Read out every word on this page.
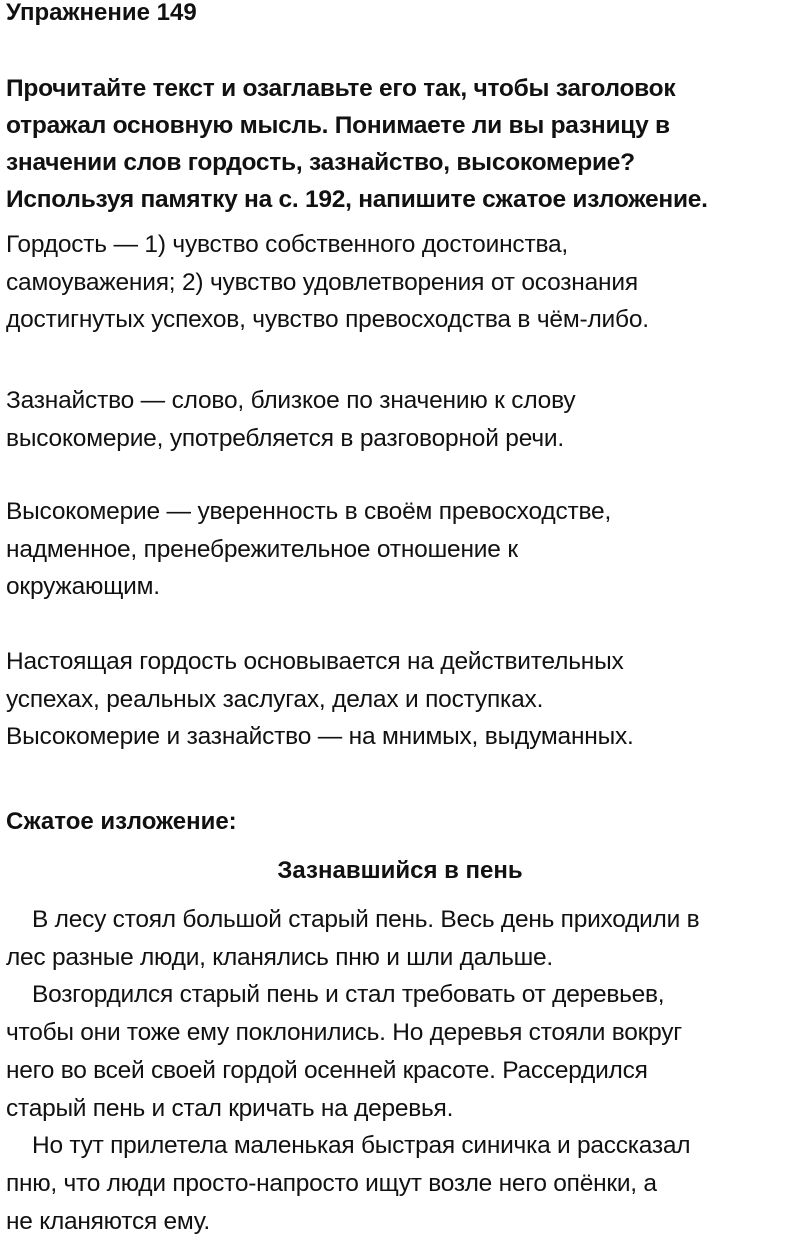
Упражнение 149
Прочитайте текст и озаглавьте его так, чтобы заголовок
отражал основную мысль. Понимаете ли вы разницу в
значении слов гордость, зазнайство, высокомерие?
Используя памятку на с. 192, напишите сжатое изложение.
Гордость — 1) чувство собственного достоинства,
самоуважения; 2) чувство удовлетворения от осознания
достигнутых успехов, чувство превосходства в чём-либо.
Зазнайство — слово, близкое по значению к слову
высокомерие, употребляется в разговорной речи.
Высокомерие — уверенность в своём превосходстве,
надменное, пренебрежительное отношение к
окружающим.
Настоящая гордость основывается на действительных
успехах, реальных заслугах, делах и поступках.
Высокомерие и зазнайство — на мнимых, выдуманных.
Сжатое изложение:
Зазнавшийся в пень
В лесу стоял большой старый пень. Весь день приходили в
лес разные люди, кланялись пню и шли дальше.
Возгордился старый пень и стал требовать от деревьев,
чтобы они тоже ему поклонились. Но деревья стояли вокруг
него во всей своей гордой осенней красоте. Рассердился
старый пень и стал кричать на деревья.
Но тут прилетела маленькая быстрая синичка и рассказал
пню, что люди просто-напросто ищут возле него опёнки, а
не кланяются ему.
